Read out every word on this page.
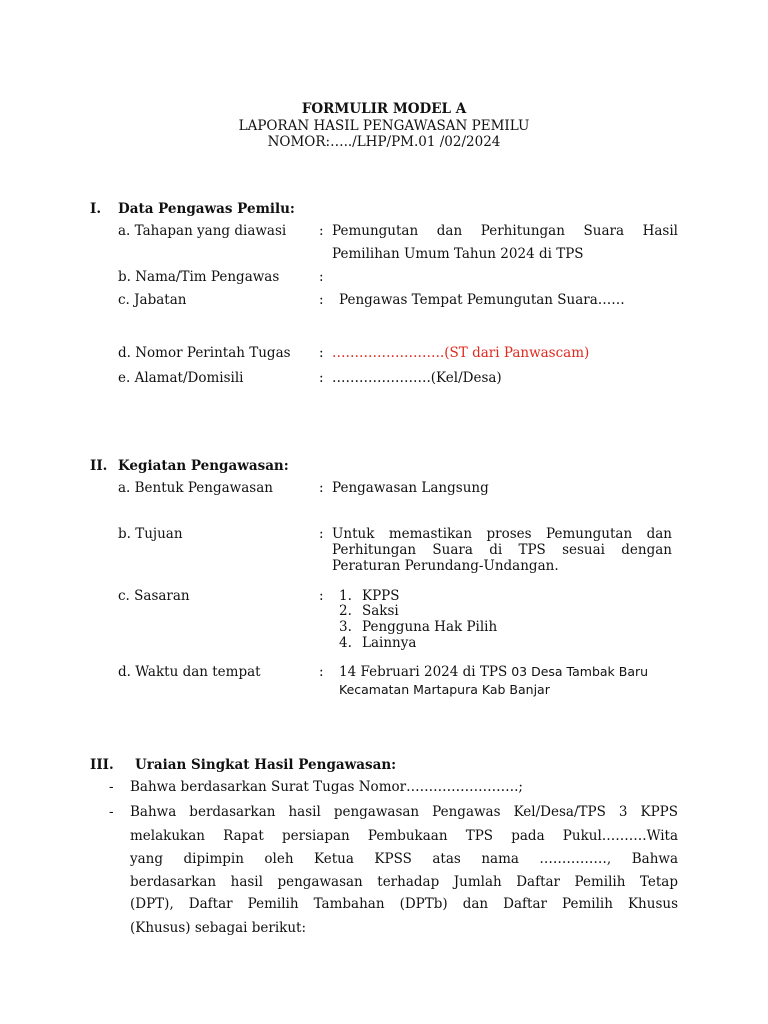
FORMULIR MODEL A
LAPORAN HASIL PENGAWASAN PEMILU
NOMOR:…../LHP/PM.01 /02/2024
I. Data Pengawas Pemilu:
a. Tahapan yang diawasi : Pemungutan dan Perhitungan Suara Hasil
Pemilihan Umum Tahun 2024 di TPS
b. Nama/Tim Pengawas	:
c. Jabatan	: Pengawas Tempat Pemungutan Suara……
d. Nomor Perintah Tugas : …………………….(ST dari Panwascam)
e. Alamat/Domisili	: ………………….(Kel/Desa)
II. Kegiatan Pengawasan:
a. Bentuk Pengawasan	: Pengawasan Langsung
b. Tujuan	: Untuk memastikan proses Pemungutan dan
Perhitungan Suara di TPS sesuai dengan
Peraturan Perundang-Undangan.
c. Sasaran	: 1. KPPS
2. Saksi
3. Pengguna Hak Pilih
4. Lainnya
d. Waktu dan tempat	: 14 Februari 2024 di TPS 03 Desa Tambak Baru
Kecamatan Martapura Kab Banjar
III. Uraian Singkat Hasil Pengawasan:
- Bahwa berdasarkan Surat Tugas Nomor…………………….;
- Bahwa berdasarkan hasil pengawasan Pengawas Kel/Desa/TPS 3 KPPS
melakukan Rapat persiapan Pembukaan TPS pada Pukul……….Wita
yang dipimpin oleh Ketua KPSS atas nama ……………, Bahwa
berdasarkan hasil pengawasan terhadap Jumlah Daftar Pemilih Tetap
(DPT), Daftar Pemilih Tambahan (DPTb) dan Daftar Pemilih Khusus
(Khusus) sebagai berikut:
